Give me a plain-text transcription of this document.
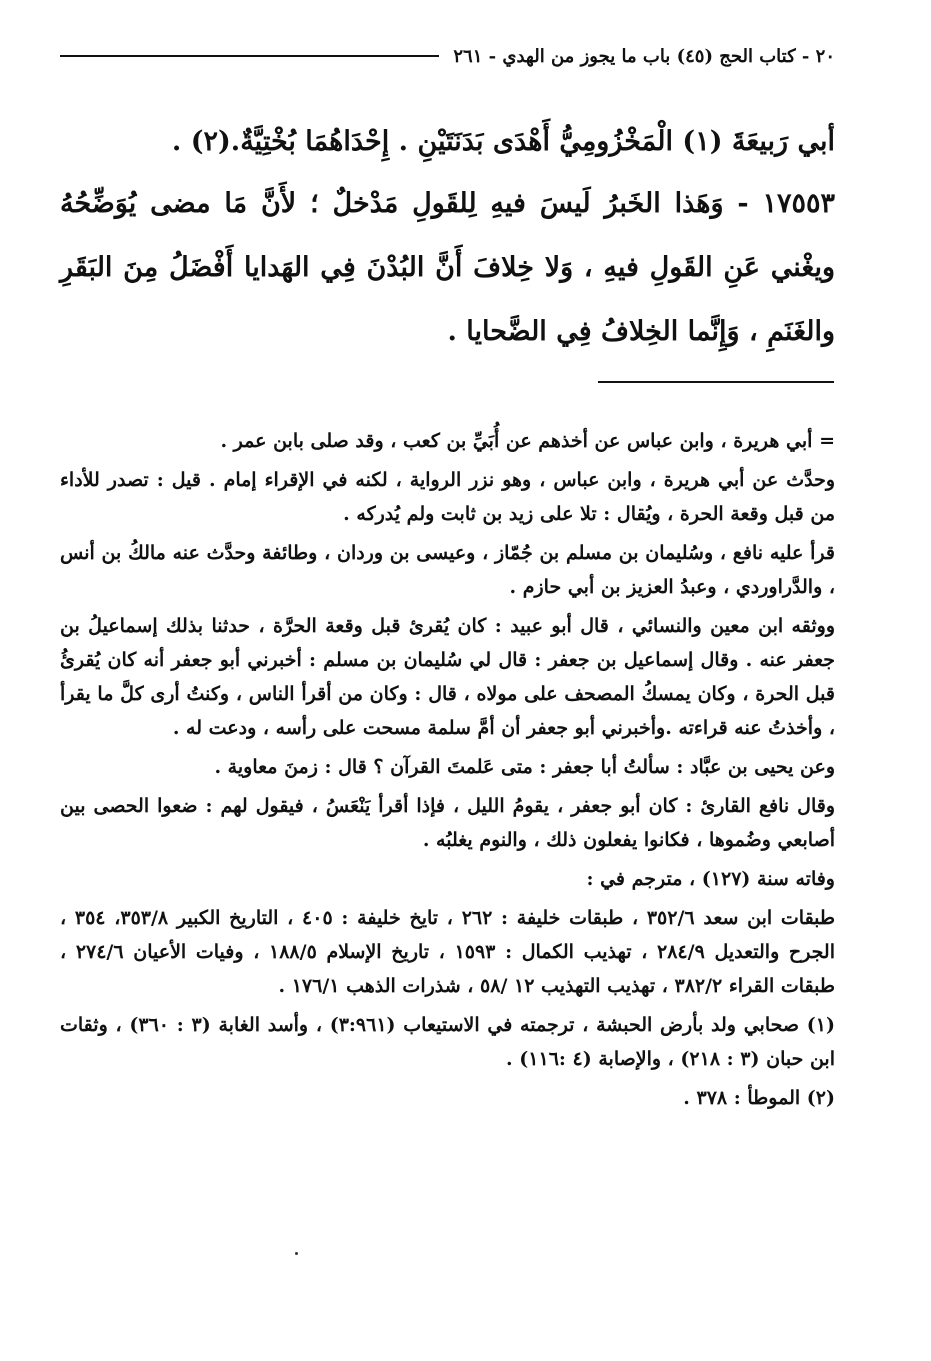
٢٠ - كتاب الحج (٤٥) باب ما يجوز من الهدي - ٢٦١

أبي رَبيعَةَ (١) الْمَخْزُومِيُّ أَهْدَى بَدَنَتَيْنِ . إِحْدَاهُمَا بُخْتِيَّةٌ.(٢) .

١٧٥٥٣ - وَهَذا الخَبرُ لَيسَ فيهِ لِلقَولِ مَدْخلٌ ؛ لأَنَّ مَا مضى يُوَضِّحُهُ ويغْني عَنِ القَولِ فيهِ ، وَلا خِلافَ أَنَّ البُدْنَ فِي الهَدايا أَفْضَلُ مِنَ البَقَرِ والغَنَمِ ، وَإِنَّما الخِلافُ فِي الضَّحايا .

= أبي هريرة ، وابن عباس عن أخذهم عن أُبَيِّ بن كعب ، وقد صلى بابن عمر .

وحدَّث عن أبي هريرة ، وابن عباس ، وهو نزر الرواية ، لكنه في الإقراء إمام . قيل : تصدر للأداء من قبل وقعة الحرة ، ويُقال : تلا على زيد بن ثابت ولم يُدركه .

قرأ عليه نافع ، وسُليمان بن مسلم بن جُمّاز ، وعيسى بن وردان ، وطائفة وحدَّث عنه مالكُ بن أنس ، والدَّراوردي ، وعبدُ العزيز بن أبي حازم .

ووثقه ابن معين والنسائي ، قال أبو عبيد : كان يُقرئ قبل وقعة الحرَّة ، حدثنا بذلك إسماعيلُ بن جعفر عنه . وقال إسماعيل بن جعفر : قال لي سُليمان بن مسلم : أخبرني أبو جعفر أنه كان يُقرئُ قبل الحرة ، وكان يمسكُ المصحف على مولاه ، قال : وكان من أقرأ الناس ، وكنتُ أرى كلَّ ما يقرأ ، وأخذتُ عنه قراءته .وأخبرني أبو جعفر أن أمَّ سلمة مسحت على رأسه ، ودعت له .

وعن يحيى بن عبَّاد : سألتُ أبا جعفر : متى عَلمتَ القرآن ؟ قال : زمنَ معاوية .

وقال نافع القارئ : كان أبو جعفر ، يقومُ الليل ، فإذا أقرأ يَنْعَسُ ، فيقول لهم : ضعوا الحصى بين أصابعي وضُموها ، فكانوا يفعلون ذلك ، والنوم يغلبُه .

وفاته سنة (١٢٧) ، مترجم في :

طبقات ابن سعد ٣٥٢/٦ ، طبقات خليفة : ٢٦٢ ، تايخ خليفة : ٤٠٥ ، التاريخ الكبير ٣٥٣/٨، ٣٥٤ ، الجرح والتعديل ٢٨٤/٩ ، تهذيب الكمال : ١٥٩٣ ، تاريخ الإسلام ١٨٨/٥ ، وفيات الأعيان ٢٧٤/٦ ، طبقات القراء ٣٨٢/٢ ، تهذيب التهذيب ١٢ /٥٨ ، شذرات الذهب ١٧٦/١ .

(١) صحابي ولد بأرض الحبشة ، ترجمته في الاستيعاب (٣:٩٦١) ، وأسد الغابة (٣ : ٣٦٠) ، وثقات ابن حبان (٣ : ٢١٨) ، والإصابة (٤ :١١٦) .

(٢) الموطأ : ٣٧٨ .
